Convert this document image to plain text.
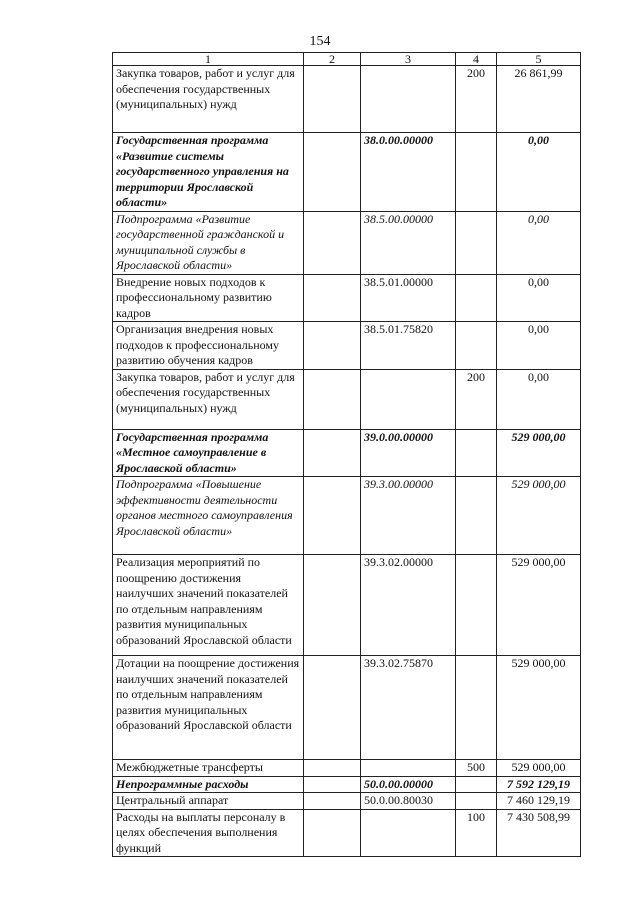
154
1	2	3	4	5
Закупка товаров, работ и услуг для обеспечения государственных (муниципальных) нужд			200	26 861,99
Государственная программа «Развитие системы государственного управления на территории Ярославской области»		38.0.00.00000		0,00
Подпрограмма «Развитие государственной гражданской и муниципальной службы в Ярославской области»		38.5.00.00000		0,00
Внедрение новых подходов к профессиональному развитию кадров		38.5.01.00000		0,00
Организация внедрения новых подходов к профессиональному развитию обучения кадров		38.5.01.75820		0,00
Закупка товаров, работ и услуг для обеспечения государственных (муниципальных) нужд			200	0,00
Государственная программа «Местное самоуправление в Ярославской области»		39.0.00.00000		529 000,00
Подпрограмма «Повышение эффективности деятельности органов местного самоуправления Ярославской области»		39.3.00.00000		529 000,00
Реализация мероприятий по поощрению достижения наилучших значений показателей по отдельным направлениям развития муниципальных образований Ярославской области		39.3.02.00000		529 000,00
Дотации на поощрение достижения наилучших значений показателей по отдельным направлениям развития муниципальных образований Ярославской области		39.3.02.75870		529 000,00
Межбюджетные трансферты			500	529 000,00
Непрограммные расходы		50.0.00.00000		7 592 129,19
Центральный аппарат		50.0.00.80030		7 460 129,19
Расходы на выплаты персоналу в целях обеспечения выполнения функций			100	7 430 508,99
